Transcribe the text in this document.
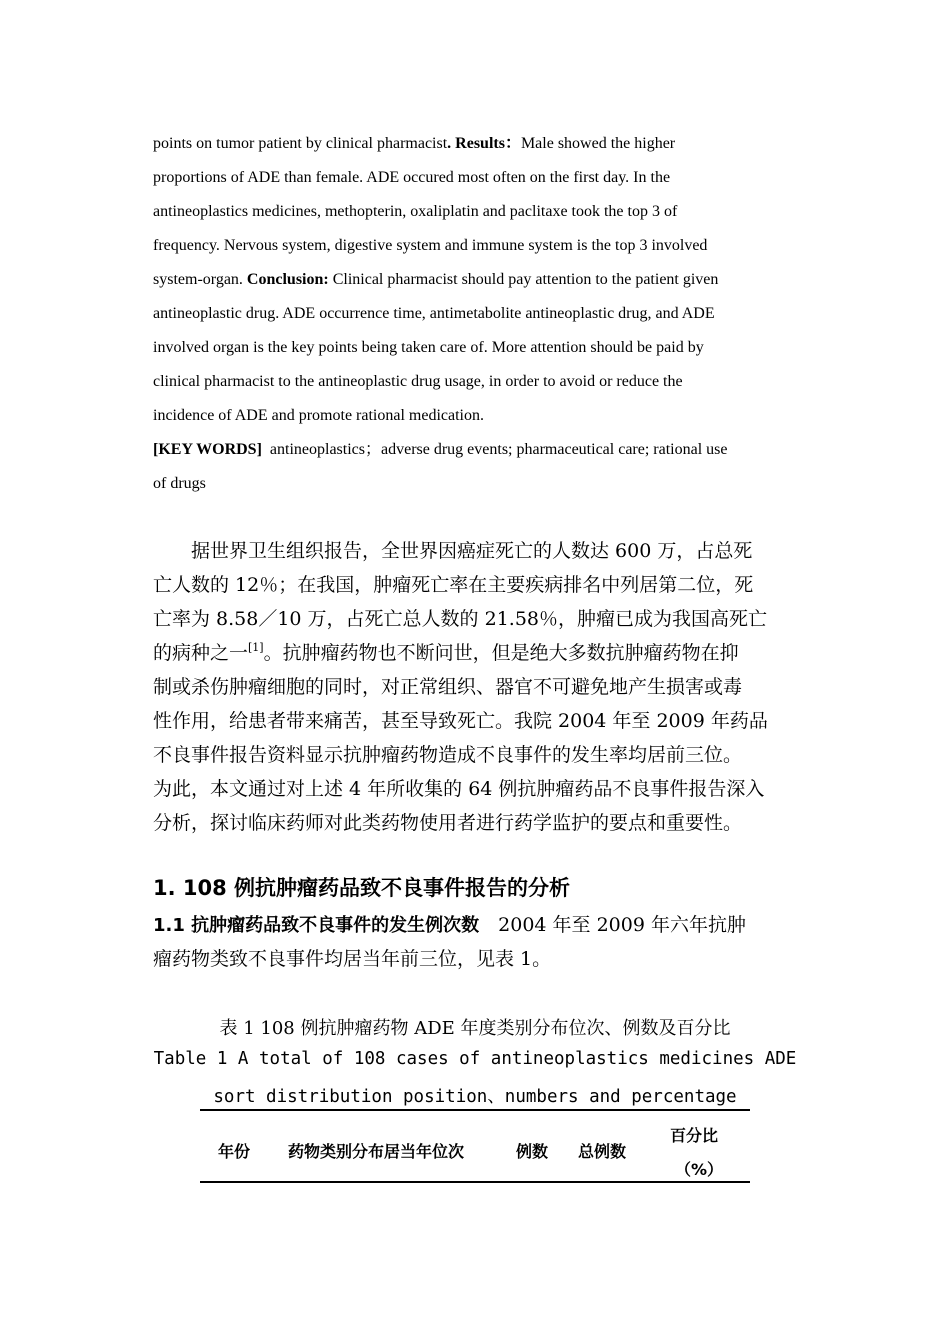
points on tumor patient by clinical pharmacist. Results：Male showed the higher
proportions of ADE than female. ADE occured most often on the first day. In the
antineoplastics medicines, methopterin, oxaliplatin and paclitaxe took the top 3 of
frequency. Nervous system, digestive system and immune system is the top 3 involved
system-organ. Conclusion: Clinical pharmacist should pay attention to the patient given
antineoplastic drug. ADE occurrence time, antimetabolite antineoplastic drug, and ADE
involved organ is the key points being taken care of. More attention should be paid by
clinical pharmacist to the antineoplastic drug usage, in order to avoid or reduce the
incidence of ADE and promote rational medication.
[KEY WORDS] antineoplastics；adverse drug events; pharmaceutical care; rational use
of drugs
　　据世界卫生组织报告，全世界因癌症死亡的人数达 600 万，占总死
亡人数的 12％；在我国，肿瘤死亡率在主要疾病排名中列居第二位，死
亡率为 8.58／10 万，占死亡总人数的 21.58％，肿瘤已成为我国高死亡
的病种之一[1]。抗肿瘤药物也不断问世，但是绝大多数抗肿瘤药物在抑
制或杀伤肿瘤细胞的同时，对正常组织、器官不可避免地产生损害或毒
性作用，给患者带来痛苦，甚至导致死亡。我院 2004 年至 2009 年药品
不良事件报告资料显示抗肿瘤药物造成不良事件的发生率均居前三位。
为此，本文通过对上述 4 年所收集的 64 例抗肿瘤药品不良事件报告深入
分析，探讨临床药师对此类药物使用者进行药学监护的要点和重要性。
1. 108 例抗肿瘤药品致不良事件报告的分析
1.1 抗肿瘤药品致不良事件的发生例次数　2004 年至 2009 年六年抗肿
瘤药物类致不良事件均居当年前三位，见表 1。
表 1 108 例抗肿瘤药物 ADE 年度类别分布位次、例数及百分比
Table 1 A total of 108 cases of antineoplastics medicines ADE
sort distribution position、numbers and percentage
年份 药物类别分布居当年位次	例数 总例数
百分比
（%）
